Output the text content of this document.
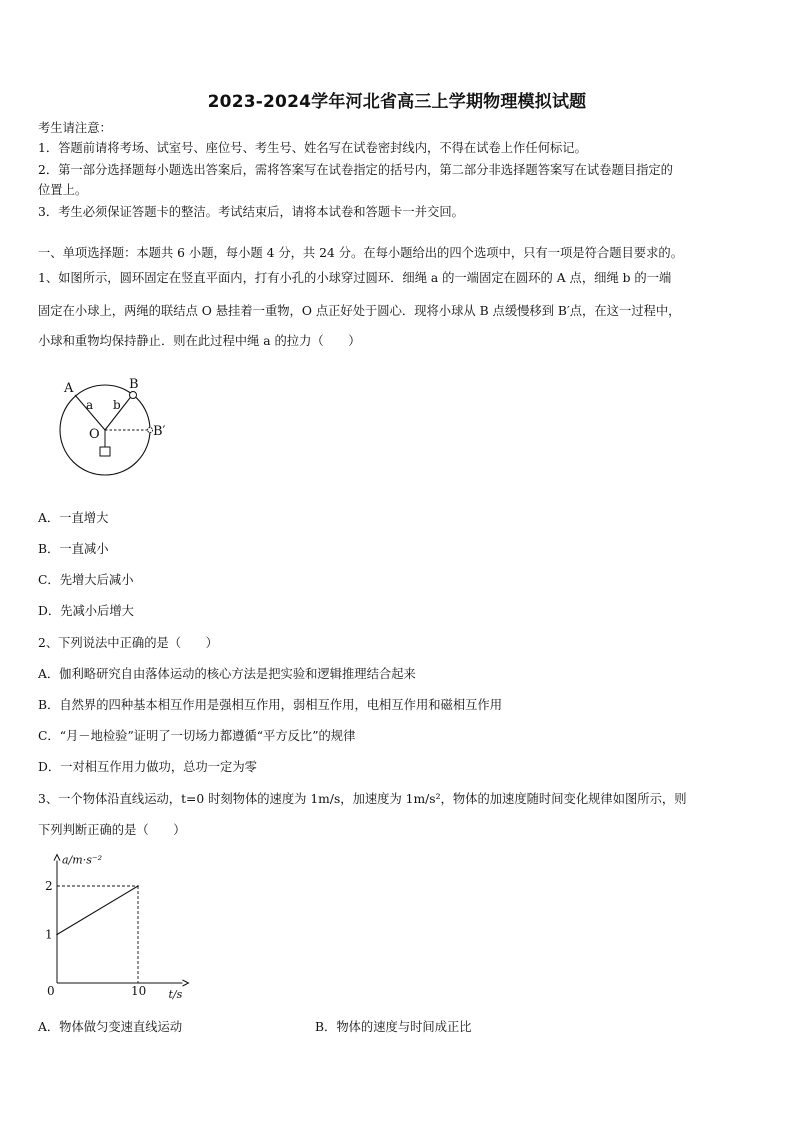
2023-2024学年河北省高三上学期物理模拟试题
考生请注意：
1．答题前请将考场、试室号、座位号、考生号、姓名写在试卷密封线内，不得在试卷上作任何标记。
2．第一部分选择题每小题选出答案后，需将答案写在试卷指定的括号内，第二部分非选择题答案写在试卷题目指定的
位置上。
3．考生必须保证答题卡的整洁。考试结束后，请将本试卷和答题卡一并交回。
一、单项选择题：本题共 6 小题，每小题 4 分，共 24 分。在每小题给出的四个选项中，只有一项是符合题目要求的。
1、如图所示，圆环固定在竖直平面内，打有小孔的小球穿过圆环．细绳 a 的一端固定在圆环的 A 点，细绳 b 的一端
固定在小球上，两绳的联结点 O 悬挂着一重物，O 点正好处于圆心．现将小球从 B 点缓慢移到 B′点，在这一过程中，
小球和重物均保持静止．则在此过程中绳 a 的拉力（　　）
A	B
B′
O
a b
A．一直增大
B．一直减小
C．先增大后减小
D．先减小后增大
2、下列说法中正确的是（　　）
A．伽利略研究自由落体运动的核心方法是把实验和逻辑推理结合起来
B．自然界的四种基本相互作用是强相互作用，弱相互作用，电相互作用和磁相互作用
C．“月－地检验”证明了一切场力都遵循“平方反比”的规律
D．一对相互作用力做功，总功一定为零
3、一个物体沿直线运动，t=0 时刻物体的速度为 1m/s，加速度为 1m/s²，物体的加速度随时间变化规律如图所示，则
下列判断正确的是（　　）
0	10
1
2
a/m·s⁻²
t/s
A．物体做匀变速直线运动	B．物体的速度与时间成正比
